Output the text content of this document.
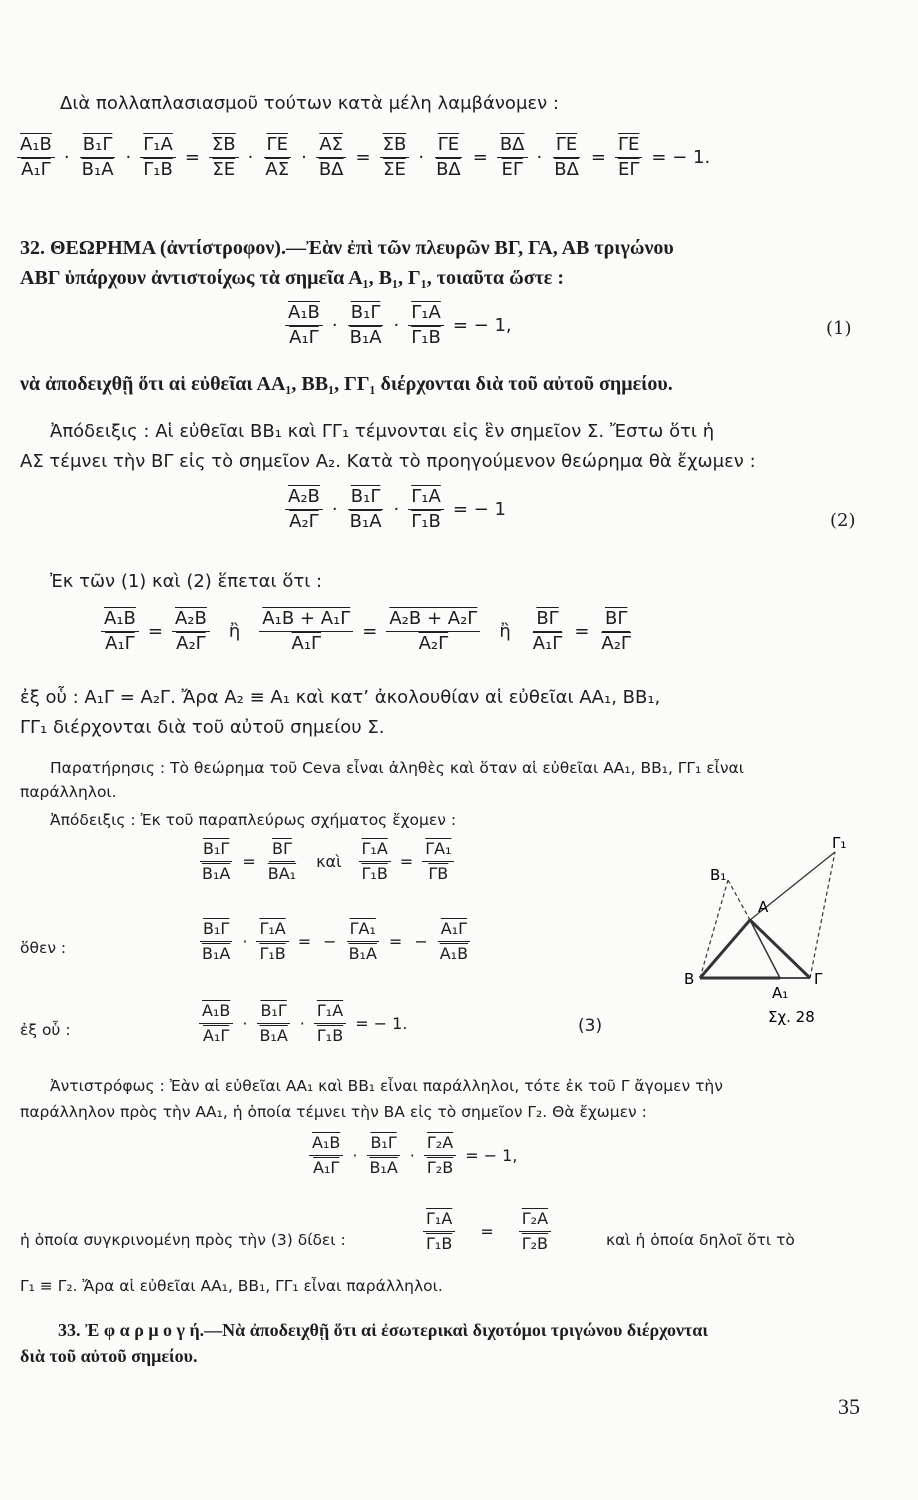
Διὰ πολλαπλασιασμοῦ τούτων κατὰ μέλη λαμβάνομεν :
$\frac{\text{A₁B}}{\text{A₁Γ}} \cdot \frac{\text{B₁Γ}}{\text{B₁A}} \cdot \frac{\text{Γ₁A}}{\text{Γ₁B}} = \frac{\overline{\Sigma B}}{\Sigma E} \cdot \frac{\overline{\Gamma E}}{A\Sigma} \cdot \frac{\overline{A\Sigma}}{B\Delta} = \frac{\overline{\Sigma B}}{\Sigma E} \cdot \frac{\overline{\Gamma E}}{B\Delta} = \frac{\overline{B\Delta}}{E\Gamma} \cdot \frac{\overline{\Gamma E}}{B\Delta} = \frac{\overline{\Gamma E}}{E\Gamma}$ = − 1.
32. ΘΕΩΡΗΜΑ (ἀντίστροφον).—Ἐὰν ἐπὶ τῶν πλευρῶν ΒΓ, ΓΑ, ΑΒ τριγώνου
ΑΒΓ ὑπάρχουν ἀντιστοίχως τὰ σημεῖα Α₁, Β₁, Γ₁, τοιαῦτα ὥστε :
$\frac{\text{A₁B}}{\text{A₁Γ}} \cdot \frac{\text{B₁Γ}}{\text{B₁A}} \cdot \frac{\text{Γ₁A}}{\text{Γ₁B}}$ = − 1,	(1)
νὰ ἀποδειχθῇ ὅτι αἱ εὐθεῖαι ΑΑ₁, ΒΒ₁, ΓΓ₁ διέρχονται διὰ τοῦ αὐτοῦ σημείου.
Ἀπόδειξις : Αἱ εὐθεῖαι ΒΒ₁ καὶ ΓΓ₁ τέμνονται εἰς ἓν σημεῖον Σ. Ἔστω ὅτι ἡ
ΑΣ τέμνει τὴν ΒΓ εἰς τὸ σημεῖον Α₂. Κατὰ τὸ προηγούμενον θεώρημα θὰ ἔχωμεν :
$\frac{\text{A₂B}}{\text{A₂Γ}} \cdot \frac{\text{B₁Γ}}{\text{B₁A}} \cdot \frac{\text{Γ₁A}}{\text{Γ₁B}}$ = − 1
(2)
Ἐκ τῶν (1) καὶ (2) ἕπεται ὅτι :
$\frac{\text{A₁B}}{\text{A₁Γ}} = \frac{\text{A₂B}}{\text{A₂Γ}}$ ἢ $\frac{\text{A₁B + A₁Γ}}{\text{A₁Γ}} = \frac{\text{A₂B + A₂Γ}}{\text{A₂Γ}}$ ἢ $\frac{\overline{B\Gamma}}{\text{A₁Γ}} = \frac{\overline{B\Gamma}}{\text{A₂Γ}}$
ἐξ οὗ : Α₁Γ = Α₂Γ. Ἄρα Α₂ ≡ Α₁ καὶ κατ’ ἀκολουθίαν αἱ εὐθεῖαι ΑΑ₁, ΒΒ₁,
ΓΓ₁ διέρχονται διὰ τοῦ αὐτοῦ σημείου Σ.
Παρατήρησις : Τὸ θεώρημα τοῦ Ceva εἶναι ἀληθὲς καὶ ὅταν αἱ εὐθεῖαι ΑΑ₁, ΒΒ₁, ΓΓ₁ εἶναι
παράλληλοι.
Ἀπόδειξις : Ἐκ τοῦ παραπλεύρως σχήματος ἔχομεν :
$\frac{\text{B₁Γ}}{\text{B₁A}} = \frac{\overline{B\Gamma}}{\text{BA₁}}$ καὶ $\frac{\text{Γ₁A}}{\text{Γ₁B}} = \frac{\text{ΓA₁}}{\Gamma B}$
ὅθεν :	$\frac{\text{B₁Γ}}{\text{B₁A}} \cdot \frac{\text{Γ₁A}}{\text{Γ₁B}}$ = − $\frac{\text{ΓA₁}}{\text{B₁A}}$ = − $\frac{\text{A₁Γ}}{\text{A₁B}}$
ἐξ οὗ :	$\frac{\text{A₁B}}{\text{A₁Γ}} \cdot \frac{\text{B₁Γ}}{\text{B₁A}} \cdot \frac{\text{Γ₁A}}{\text{Γ₁B}}$ = − 1.	(3)
Γ₁
B₁
A
B
A₁
Γ
Σχ. 28
Ἀντιστρόφως : Ἐὰν αἱ εὐθεῖαι ΑΑ₁ καὶ ΒΒ₁ εἶναι παράλληλοι, τότε ἐκ τοῦ Γ ἄγομεν τὴν
παράλληλον πρὸς τὴν ΑΑ₁, ἡ ὁποία τέμνει τὴν ΒΑ εἰς τὸ σημεῖον Γ₂. Θὰ ἔχωμεν :
$\frac{\text{A₁B}}{\text{A₁Γ}} \cdot \frac{\text{B₁Γ}}{\text{B₁A}} \cdot \frac{\text{Γ₂A}}{\text{Γ₂B}}$ = − 1,
ἡ ὁποία συγκρινομένη πρὸς τὴν (3) δίδει :	$\frac{\text{Γ₁A}}{\text{Γ₁B}} = \frac{\text{Γ₂A}}{\text{Γ₂B}}$	καὶ ἡ ὁποία δηλοῖ ὅτι τὸ
Γ₁ ≡ Γ₂. Ἄρα αἱ εὐθεῖαι ΑΑ₁, ΒΒ₁, ΓΓ₁ εἶναι παράλληλοι.
33. Ἐ φ α ρ μ ο γ ή.—Νὰ ἀποδειχθῇ ὅτι αἱ ἐσωτερικαὶ διχοτόμοι τριγώνου διέρχονται
διὰ τοῦ αὐτοῦ σημείου.
35
